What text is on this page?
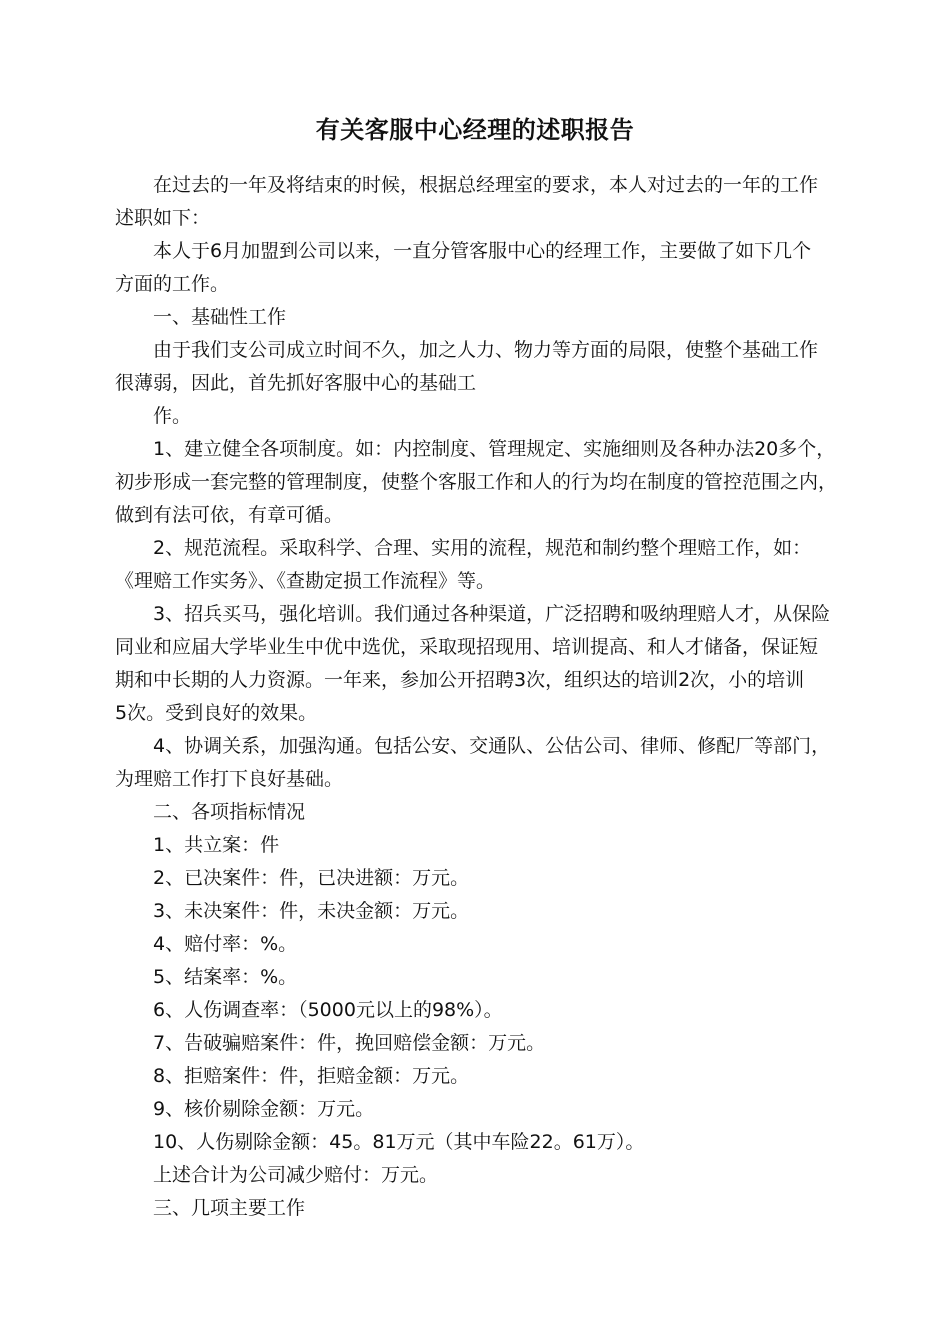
有关客服中心经理的述职报告
在过去的一年及将结束的时候，根据总经理室的要求，本人对过去的一年的工作
述职如下：
本人于6月加盟到公司以来，一直分管客服中心的经理工作，主要做了如下几个
方面的工作。
一、基础性工作
由于我们支公司成立时间不久，加之人力、物力等方面的局限，使整个基础工作
很薄弱，因此，首先抓好客服中心的基础工
作。
1、建立健全各项制度。如：内控制度、管理规定、实施细则及各种办法20多个，
初步形成一套完整的管理制度，使整个客服工作和人的行为均在制度的管控范围之内，
做到有法可依，有章可循。
2、规范流程。采取科学、合理、实用的流程，规范和制约整个理赔工作，如：
《理赔工作实务》、《查勘定损工作流程》等。
3、招兵买马，强化培训。我们通过各种渠道，广泛招聘和吸纳理赔人才，从保险
同业和应届大学毕业生中优中选优，采取现招现用、培训提高、和人才储备，保证短
期和中长期的人力资源。一年来，参加公开招聘3次，组织达的培训2次，小的培训
5次。受到良好的效果。
4、协调关系，加强沟通。包括公安、交通队、公估公司、律师、修配厂等部门，
为理赔工作打下良好基础。
二、各项指标情况
1、共立案：件
2、已决案件：件，已决进额：万元。
3、未决案件：件，未决金额：万元。
4、赔付率：%。
5、结案率：%。
6、人伤调查率：（5000元以上的98%）。
7、告破骗赔案件：件，挽回赔偿金额：万元。
8、拒赔案件：件，拒赔金额：万元。
9、核价剔除金额：万元。
10、人伤剔除金额：45。81万元（其中车险22。61万）。
上述合计为公司减少赔付：万元。
三、几项主要工作
